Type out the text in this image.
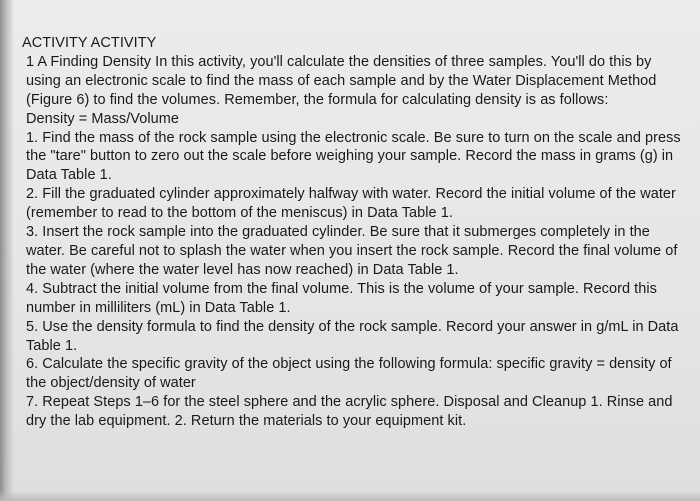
ACTIVITY ACTIVITY

1 A Finding Density In this activity, you'll calculate the densities of three samples. You'll do this by using an electronic scale to find the mass of each sample and by the Water Displacement Method (Figure 6) to find the volumes. Remember, the formula for calculating density is as follows:

Density = Mass/Volume

1. Find the mass of the rock sample using the electronic scale. Be sure to turn on the scale and press the "tare" button to zero out the scale before weighing your sample. Record the mass in grams (g) in Data Table 1.

2. Fill the graduated cylinder approximately halfway with water. Record the initial volume of the water (remember to read to the bottom of the meniscus) in Data Table 1.

3. Insert the rock sample into the graduated cylinder. Be sure that it submerges completely in the water. Be careful not to splash the water when you insert the rock sample. Record the final volume of the water (where the water level has now reached) in Data Table 1.

4. Subtract the initial volume from the final volume. This is the volume of your sample. Record this number in milliliters (mL) in Data Table 1.

5. Use the density formula to find the density of the rock sample. Record your answer in g/mL in Data Table 1.

6. Calculate the specific gravity of the object using the following formula: specific gravity = density of the object/density of water

7. Repeat Steps 1–6 for the steel sphere and the acrylic sphere. Disposal and Cleanup 1. Rinse and dry the lab equipment. 2. Return the materials to your equipment kit.
